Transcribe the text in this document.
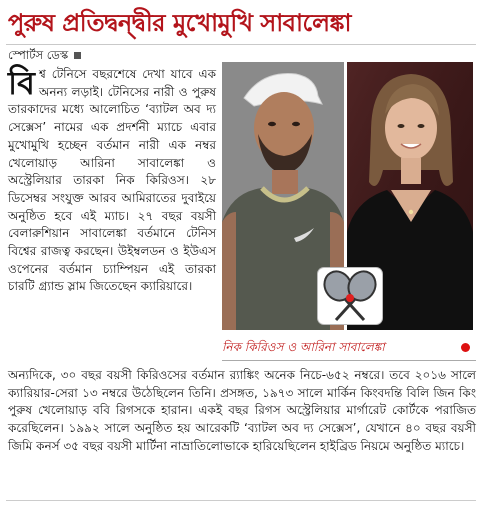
পুরুষ প্রতিদ্বন্দ্বীর মুখোমুখি সাবালেঙ্কা
স্পোর্টস ডেস্ক
বি শ্ব টেনিসে বছরশেষে দেখা যাবে এক অনন্য লড়াই। টেনিসের নারী ও পুরুষ তারকাদের মধ্যে আলোচিত ‘ব্যাটল অব দ্য সেক্সেস’ নামের এক প্রদর্শনী ম্যাচে এবার মুখোমুখি হচ্ছেন বর্তমান নারী এক নম্বর খেলোয়াড় আরিনা সাবালেঙ্কা ও অস্ট্রেলিয়ার তারকা নিক কিরিওস। ২৮ ডিসেম্বর সংযুক্ত আরব আমিরাতের দুবাইয়ে অনুষ্ঠিত হবে এই ম্যাচ। ২৭ বছর বয়সী বেলারুশিয়ান সাবালেঙ্কা বর্তমানে টেনিস বিশ্বের রাজত্ব করছেন। উইম্বলডন ও ইউএস ওপেনের বর্তমান চ্যাম্পিয়ন এই তারকা চারটি গ্র্যান্ড স্লাম জিতেছেন ক্যারিয়ারে।
নিক কিরিওস ও আরিনা সাবালেঙ্কা
অন্যদিকে, ৩০ বছর বয়সী কিরিওসের বর্তমান র‍্যাঙ্কিং অনেক নিচে-৬৫২ নম্বরে। তবে ২০১৬ সালে ক্যারিয়ার-সেরা ১৩ নম্বরে উঠেছিলেন তিনি। প্রসঙ্গত, ১৯৭৩ সালে মার্কিন কিংবদন্তি বিলি জিন কিং পুরুষ খেলোয়াড় ববি রিগসকে হারান। একই বছর রিগস অস্ট্রেলিয়ার মার্গারেট কোর্টকে পরাজিত করেছিলেন। ১৯৯২ সালে অনুষ্ঠিত হয় আরেকটি ‘ব্যাটল অব দ্য সেক্সেস’, যেখানে ৪০ বছর বয়সী জিমি কনর্স ৩৫ বছর বয়সী মার্টিনা নাভ্রাতিলোভাকে হারিয়েছিলেন হাইব্রিড নিয়মে অনুষ্ঠিত ম্যাচে।
